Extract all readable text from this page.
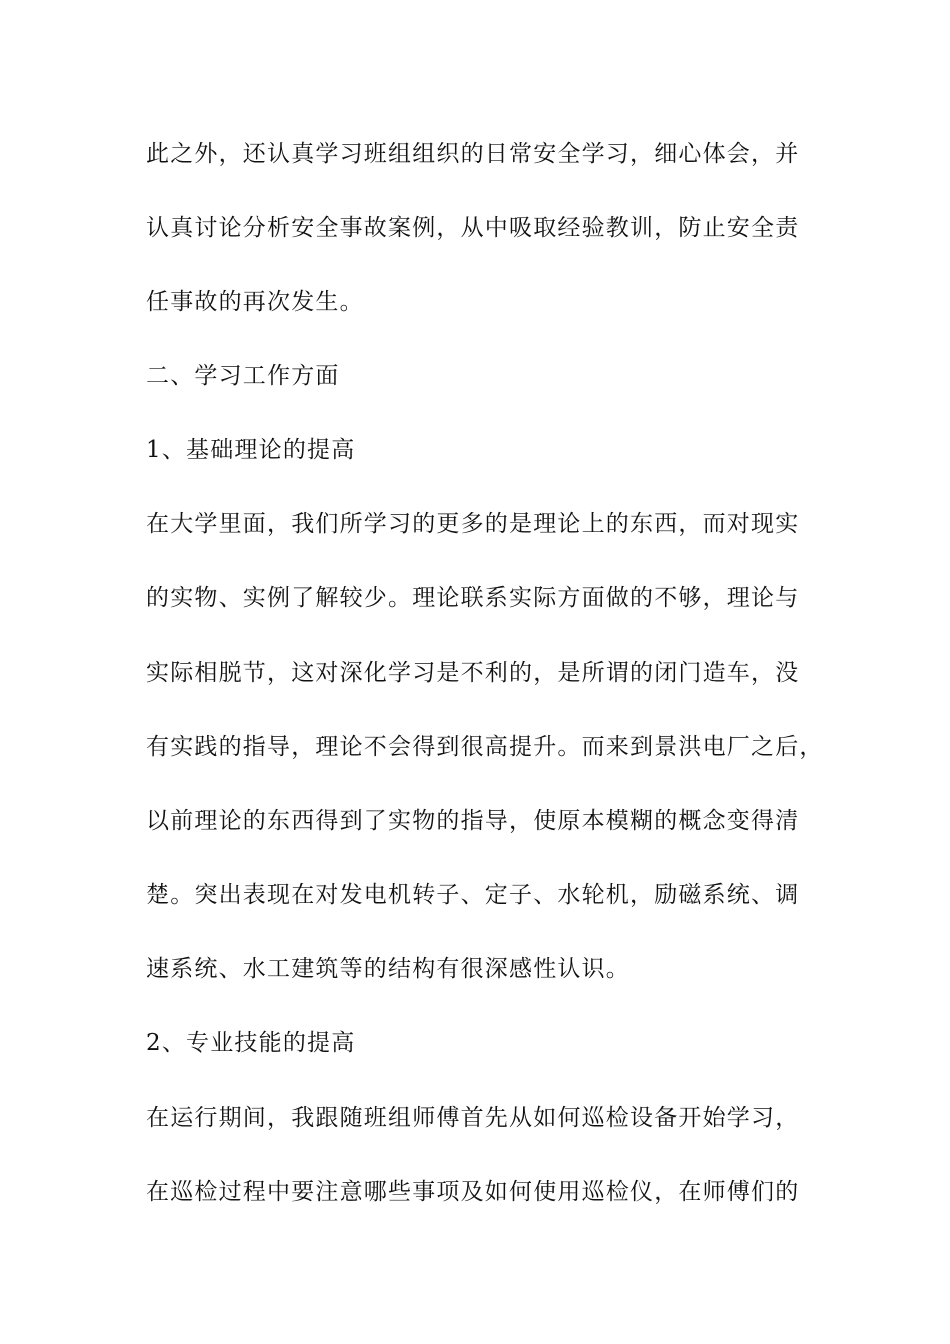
此之外，还认真学习班组组织的日常安全学习，细心体会，并
认真讨论分析安全事故案例，从中吸取经验教训，防止安全责
任事故的再次发生。
二、学习工作方面
1、基础理论的提高
在大学里面，我们所学习的更多的是理论上的东西，而对现实
的实物、实例了解较少。理论联系实际方面做的不够，理论与
实际相脱节，这对深化学习是不利的，是所谓的闭门造车，没
有实践的指导，理论不会得到很高提升。而来到景洪电厂之后，
以前理论的东西得到了实物的指导，使原本模糊的概念变得清
楚。突出表现在对发电机转子、定子、水轮机，励磁系统、调
速系统、水工建筑等的结构有很深感性认识。
2、专业技能的提高
在运行期间，我跟随班组师傅首先从如何巡检设备开始学习，
在巡检过程中要注意哪些事项及如何使用巡检仪，在师傅们的
